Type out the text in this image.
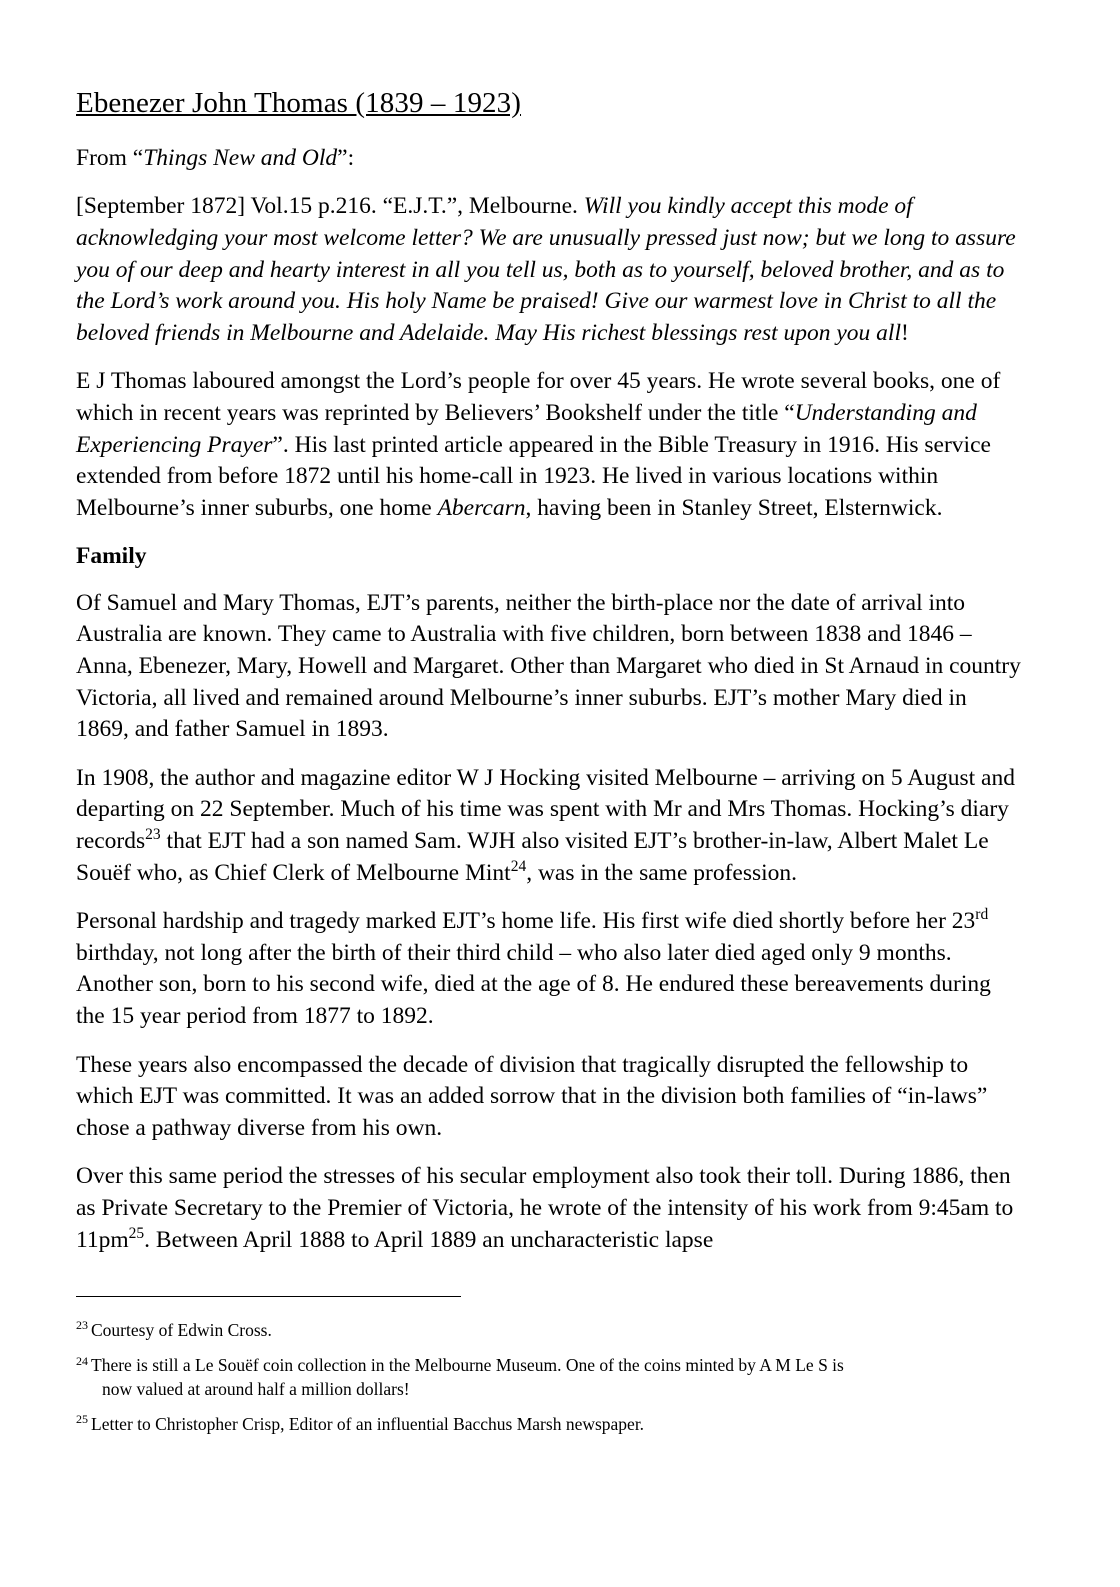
Ebenezer John Thomas (1839 – 1923)

From “Things New and Old”:

[September 1872] Vol.15 p.216. “E.J.T.”, Melbourne. Will you kindly accept this mode of acknowledging your most welcome letter? We are unusually pressed just now; but we long to assure you of our deep and hearty interest in all you tell us, both as to yourself, beloved brother, and as to the Lord’s work around you. His holy Name be praised! Give our warmest love in Christ to all the beloved friends in Melbourne and Adelaide. May His richest blessings rest upon you all!

E J Thomas laboured amongst the Lord’s people for over 45 years. He wrote several books, one of which in recent years was reprinted by Believers’ Bookshelf under the title “Understanding and Experiencing Prayer”. His last printed article appeared in the Bible Treasury in 1916. His service extended from before 1872 until his home-call in 1923. He lived in various locations within Melbourne’s inner suburbs, one home Abercarn, having been in Stanley Street, Elsternwick.

Family

Of Samuel and Mary Thomas, EJT’s parents, neither the birth-place nor the date of arrival into Australia are known. They came to Australia with five children, born between 1838 and 1846 – Anna, Ebenezer, Mary, Howell and Margaret. Other than Margaret who died in St Arnaud in country Victoria, all lived and remained around Melbourne’s inner suburbs. EJT’s mother Mary died in 1869, and father Samuel in 1893.

In 1908, the author and magazine editor W J Hocking visited Melbourne – arriving on 5 August and departing on 22 September. Much of his time was spent with Mr and Mrs Thomas. Hocking’s diary records$^{23}$ that EJT had a son named Sam. WJH also visited EJT’s brother-in-law, Albert Malet Le Souëf who, as Chief Clerk of Melbourne Mint$^{24}$, was in the same profession.

Personal hardship and tragedy marked EJT’s home life. His first wife died shortly before her 23rd birthday, not long after the birth of their third child – who also later died aged only 9 months. Another son, born to his second wife, died at the age of 8. He endured these bereavements during the 15 year period from 1877 to 1892.

These years also encompassed the decade of division that tragically disrupted the fellowship to which EJT was committed. It was an added sorrow that in the division both families of “in-laws” chose a pathway diverse from his own.

Over this same period the stresses of his secular employment also took their toll. During 1886, then as Private Secretary to the Premier of Victoria, he wrote of the intensity of his work from 9:45am to $11pm^{25}$. Between April 1888 to April 1889 an uncharacteristic lapse

$^{23}$ Courtesy of Edwin Cross.

$^{24}$ There is still a Le Souëf coin collection in the Melbourne Museum. One of the coins minted by A M Le S is
now valued at around half a million dollars!

$^{25}$ Letter to Christopher Crisp, Editor of an influential Bacchus Marsh newspaper.
